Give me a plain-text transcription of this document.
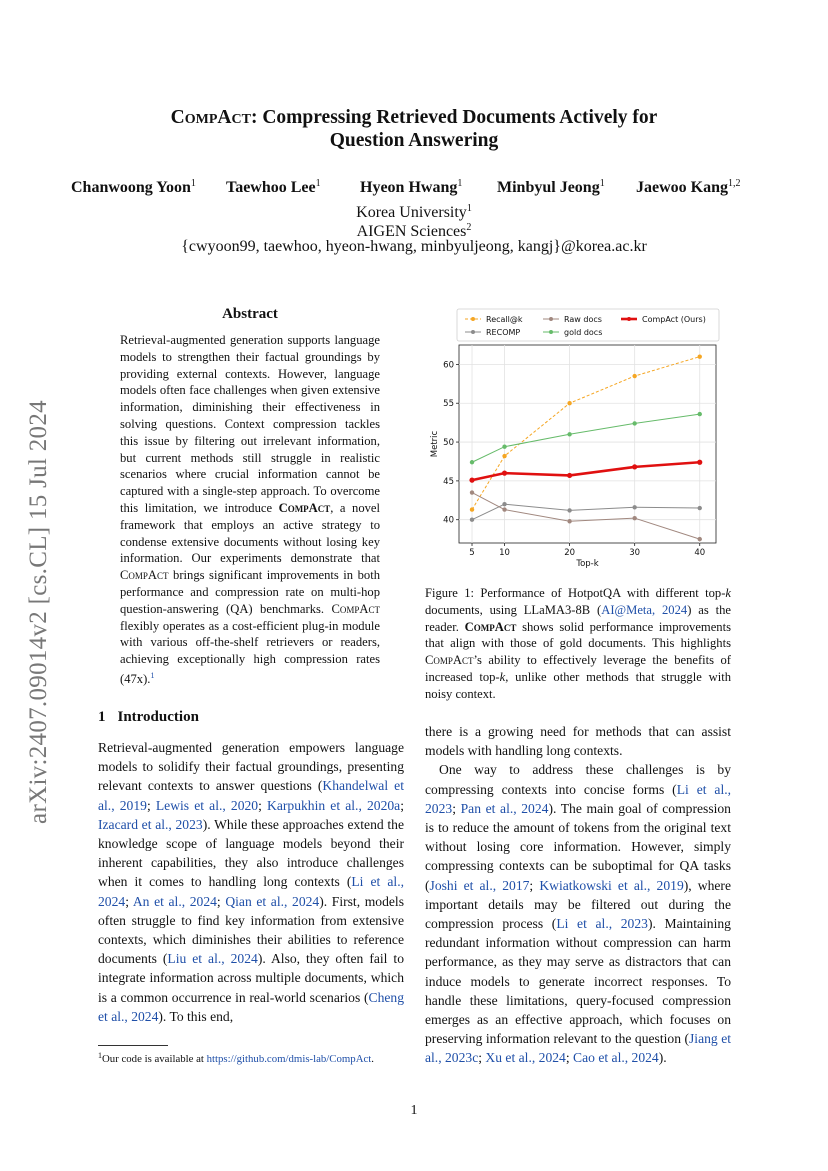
CompAct: Compressing Retrieved Documents Actively for
Question Answering
Chanwoong Yoon$^1$ Taewhoo Lee$^1$ Hyeon Hwang$^1$ Minbyul Jeong$^1$ Jaewoo Kang$^{1,2}$
Korea University$^1$
AIGEN Sciences$^2$
{cwyoon99, taewhoo, hyeon-hwang, minbyuljeong, kangj}@korea.ac.kr
arXiv:2407.09014v2 [cs.CL] 15 Jul 2024
Abstract
Retrieval-augmented generation supports language models to strengthen their factual groundings by providing external contexts. However, language models often face challenges when given extensive information, diminishing their effectiveness in solving questions. Context compression tackles this issue by filtering out irrelevant information, but current methods still struggle in realistic scenarios where crucial information cannot be captured with a single-step approach. To overcome this limitation, we introduce CompAct, a novel framework that employs an active strategy to condense extensive documents without losing key information. Our experiments demonstrate that CompAct brings significant improvements in both performance and compression rate on multi-hop question-answering (QA) benchmarks. CompAct flexibly operates as a cost-efficient plug-in module with various off-the-shelf retrievers or readers, achieving exceptionally high compression rates (47x).$^1$
1 Introduction
Retrieval-augmented generation empowers language models to solidify their factual groundings, presenting relevant contexts to answer questions (Khandelwal et al., 2019; Lewis et al., 2020; Karpukhin et al., 2020a; Izacard et al., 2023). While these approaches extend the knowledge scope of language models beyond their inherent capabilities, they also introduce challenges when it comes to handling long contexts (Li et al., 2024; An et al., 2024; Qian et al., 2024). First, models often struggle to find key information from extensive contexts, which diminishes their abilities to reference documents (Liu et al., 2024). Also, they often fail to integrate information across multiple documents, which is a common occurrence in real-world scenarios (Cheng et al., 2024). To this end,
$^1$Our code is available at https://github.com/dmis-lab/CompAct.
5	10	20	30	40
40
45
50
55
60
Top-k
Metric
Recall@k
RECOMP
Raw docs
gold docs
CompAct (Ours)
Figure 1: Performance of HotpotQA with different top-k documents, using LLaMA3-8B (AI@Meta, 2024) as the reader. CompAct shows solid performance improvements that align with those of gold documents. This highlights CompAct’s ability to effectively leverage the benefits of increased top-k, unlike other methods that struggle with noisy context.

there is a growing need for methods that can assist models with handling long contexts.

One way to address these challenges is by compressing contexts into concise forms (Li et al., 2023; Pan et al., 2024). The main goal of compression is to reduce the amount of tokens from the original text without losing core information. However, simply compressing contexts can be suboptimal for QA tasks (Joshi et al., 2017; Kwiatkowski et al., 2019), where important details may be filtered out during the compression process (Li et al., 2023). Maintaining redundant information without compression can harm performance, as they may serve as distractors that can induce models to generate incorrect responses. To handle these limitations, query-focused compression emerges as an effective approach, which focuses on preserving information relevant to the question (Jiang et al., 2023c; Xu et al., 2024; Cao et al., 2024).

1
